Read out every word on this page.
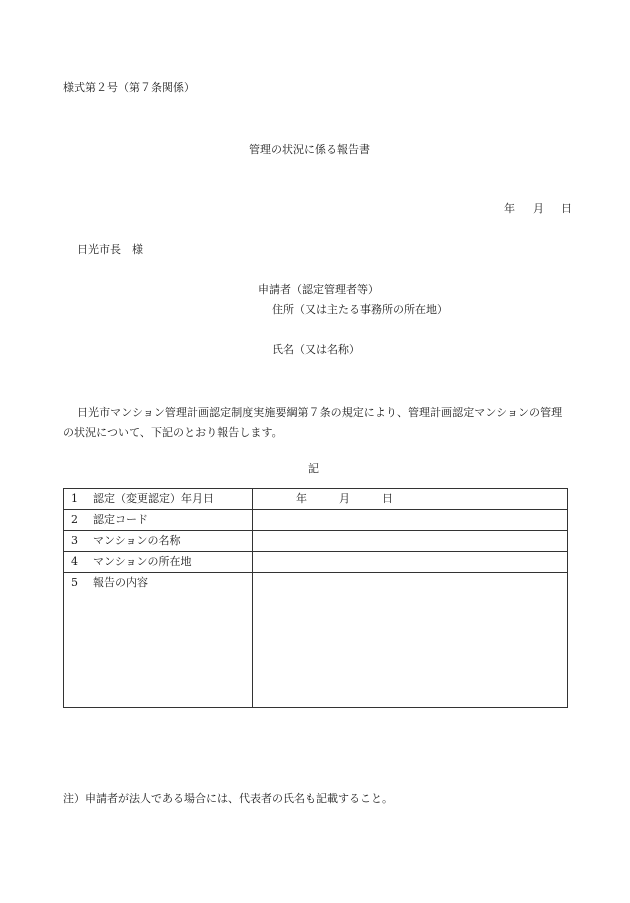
様式第２号（第７条関係）
管理の状況に係る報告書
年 月 日
日光市長　様
申請者（認定管理者等）
住所（又は主たる事務所の所在地）
氏名（又は名称）
日光市マンション管理計画認定制度実施要綱第７条の規定により、管理計画認定マンションの管理の状況について、下記のとおり報告します。
記
1 認定（変更認定）年月日	年 月 日
2 認定コード	
3 マンションの名称	
4 マンションの所在地	
5 報告の内容	
注）申請者が法人である場合には、代表者の氏名も記載すること。
